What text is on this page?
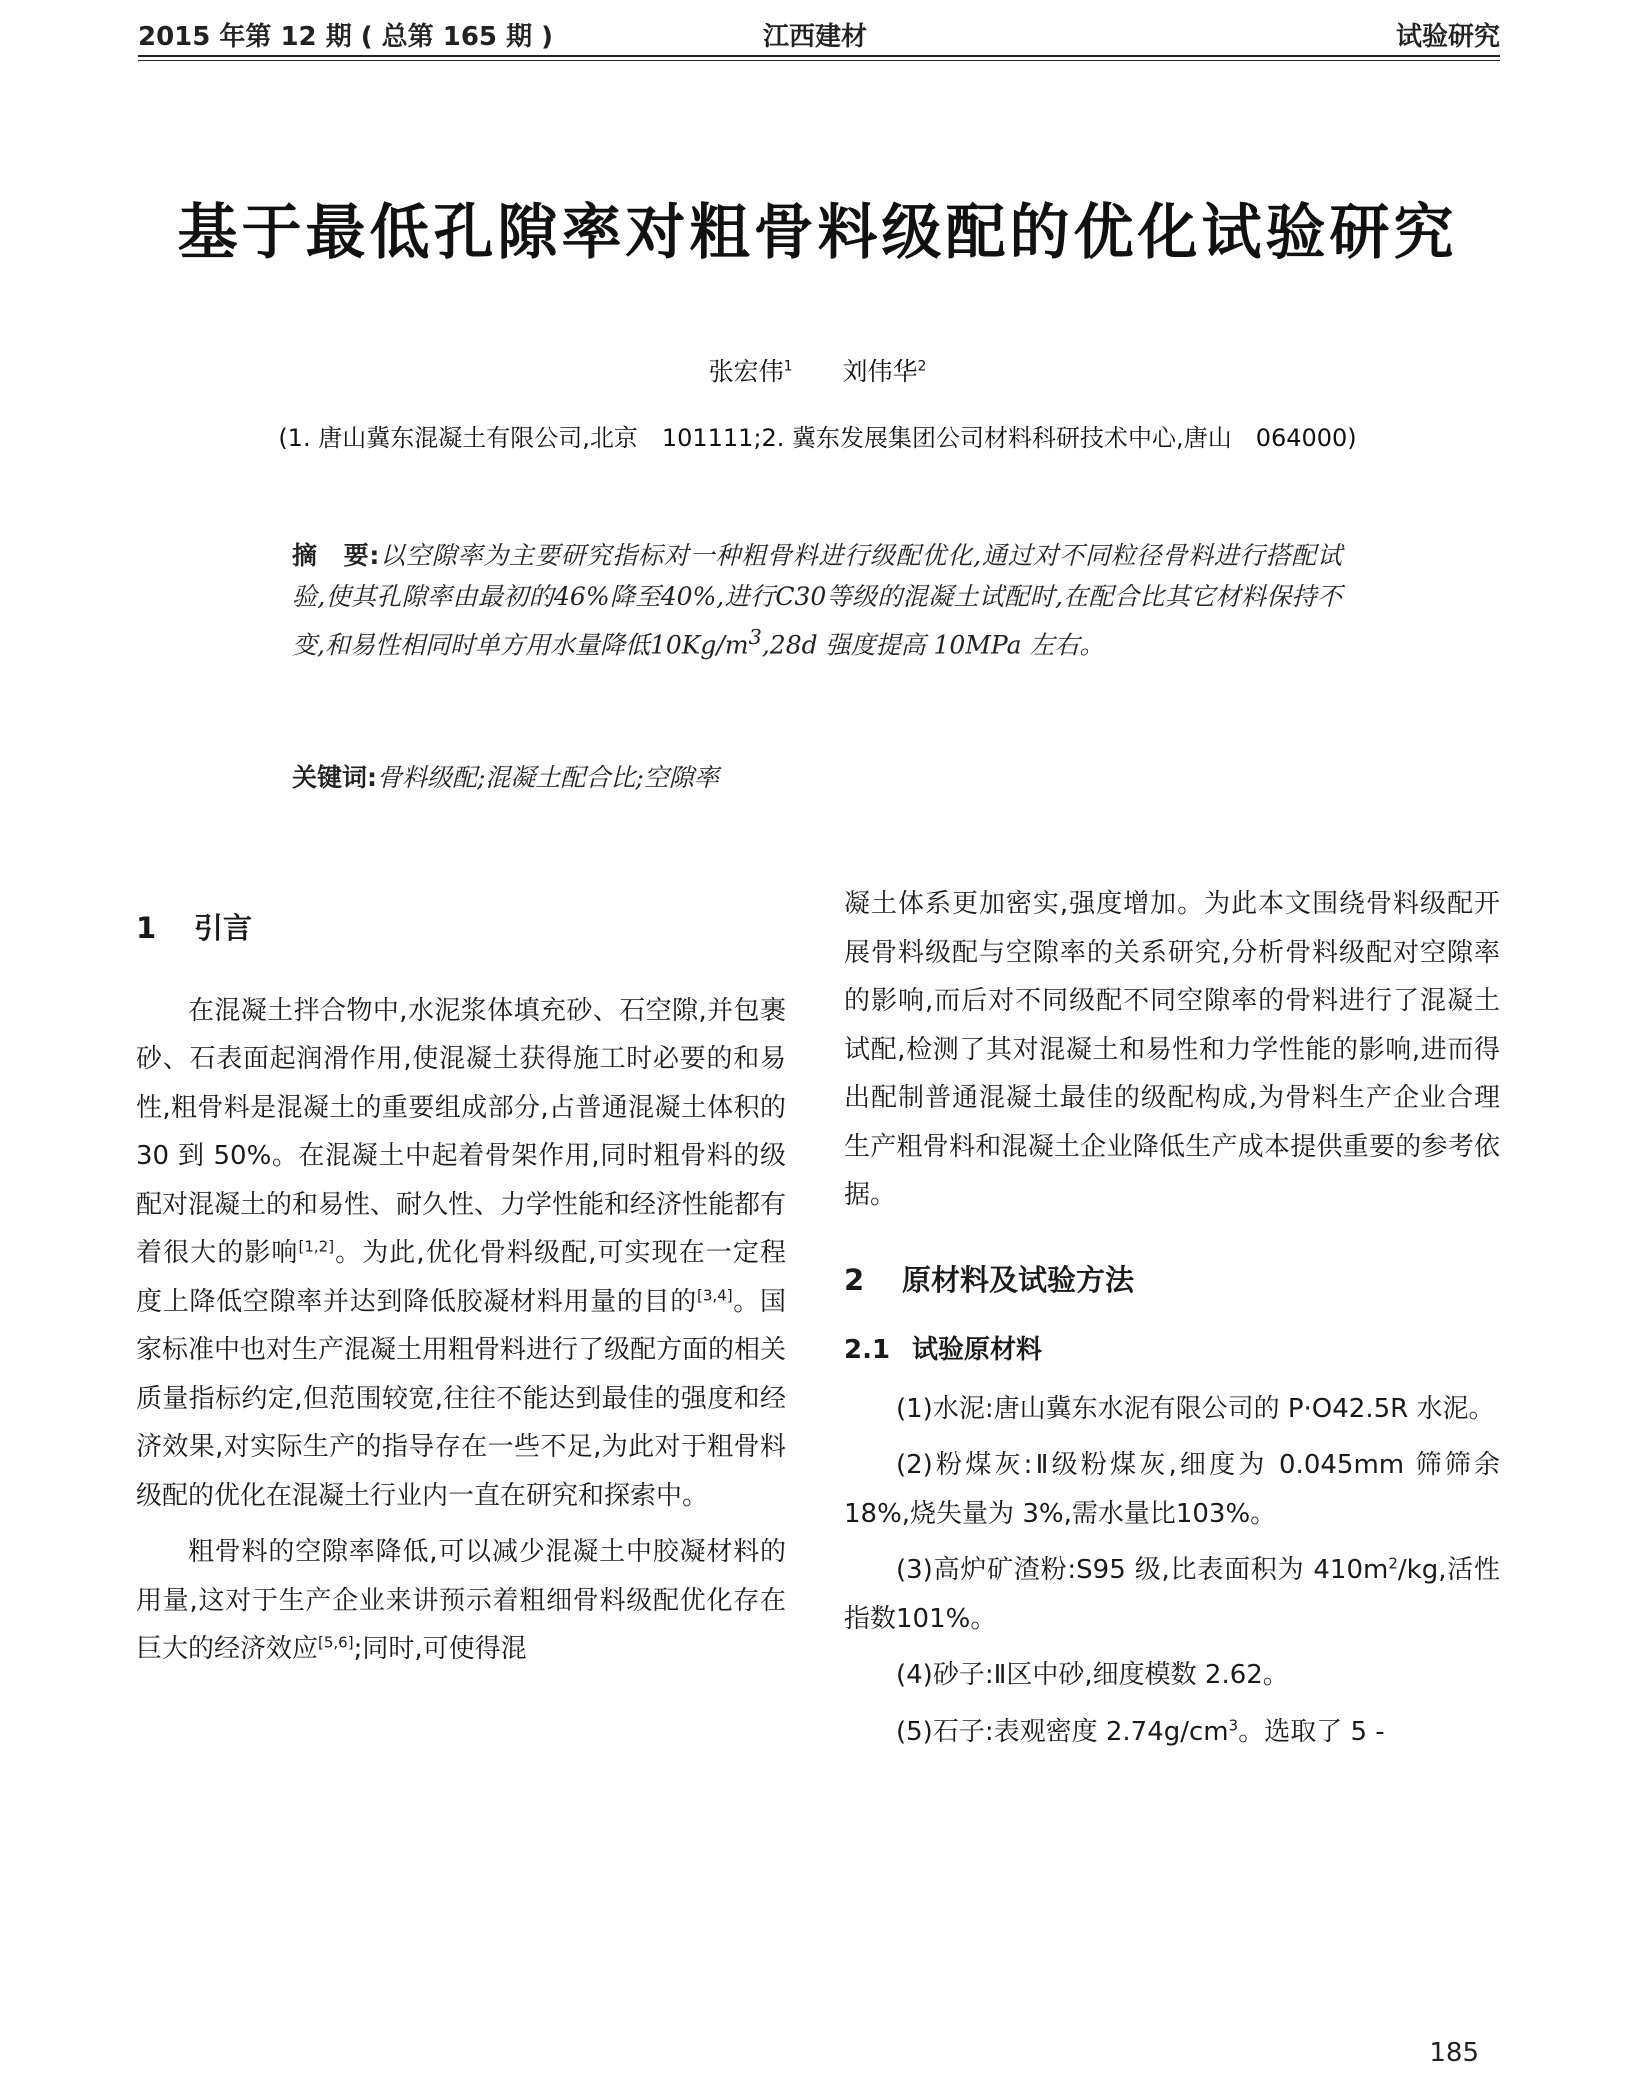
2015 年第 12 期 ( 总第 165 期 )	江西建材	试验研究
基于最低孔隙率对粗骨料级配的优化试验研究
张宏伟$^1$ 刘伟华$^2$
(1. 唐山冀东混凝土有限公司,北京　101111;2. 冀东发展集团公司材料科研技术中心,唐山　064000)
摘　要:以空隙率为主要研究指标对一种粗骨料进行级配优化,通过对不同粒径骨料进行搭配试验,使其孔隙率由最初的46%降至40%,进行C30等级的混凝土试配时,在配合比其它材料保持不变,和易性相同时单方用水量降低$10Kg/m^3,28d$ 强度提高 10MPa 左右。
关键词:骨料级配;混凝土配合比;空隙率
1 引言

在混凝土拌合物中,水泥浆体填充砂、石空隙,并包裹砂、石表面起润滑作用,使混凝土获得施工时必要的和易性,粗骨料是混凝土的重要组成部分,占普通混凝土体积的 30 到 50%。在混凝土中起着骨架作用,同时粗骨料的级配对混凝土的和易性、耐久性、力学性能和经济性能都有着很大的影响[1,2]。为此,优化骨料级配,可实现在一定程度上降低空隙率并达到降低胶凝材料用量的目的[3,4]。国家标准中也对生产混凝土用粗骨料进行了级配方面的相关质量指标约定,但范围较宽,往往不能达到最佳的强度和经济效果,对实际生产的指导存在一些不足,为此对于粗骨料级配的优化在混凝土行业内一直在研究和探索中。

粗骨料的空隙率降低,可以减少混凝土中胶凝材料的用量,这对于生产企业来讲预示着粗细骨料级配优化存在巨大的经济效应[5,6];同时,可使得混

凝土体系更加密实,强度增加。为此本文围绕骨料级配开展骨料级配与空隙率的关系研究,分析骨料级配对空隙率的影响,而后对不同级配不同空隙率的骨料进行了混凝土试配,检测了其对混凝土和易性和力学性能的影响,进而得出配制普通混凝土最佳的级配构成,为骨料生产企业合理生产粗骨料和混凝土企业降低生产成本提供重要的参考依据。

2 原材料及试验方法
2.1 试验原材料

(1)水泥:唐山冀东水泥有限公司的 P·O42.5R 水泥。

(2)粉煤灰:Ⅱ级粉煤灰,细度为 0.045mm 筛筛余18%,烧失量为 3%,需水量比103%。

(3)高炉矿渣粉:S95 级,比表面积为 $410m^2/kg$,活性指数101%。

(4)砂子:Ⅱ区中砂,细度模数 2.62。

(5)石子:表观密度 $2.74g/cm^3$。选取了 5 -

185
